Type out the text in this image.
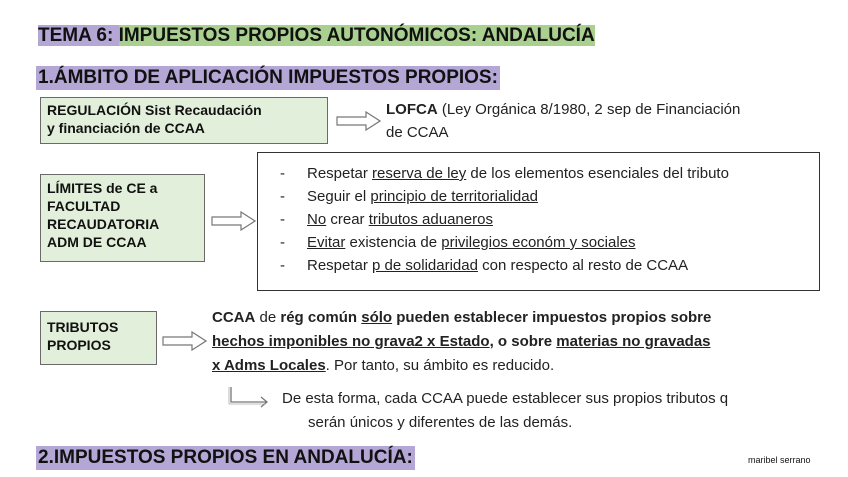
TEMA 6: IMPUESTOS PROPIOS AUTONÓMICOS: ANDALUCÍA
1.ÁMBITO DE APLICACIÓN IMPUESTOS PROPIOS:
REGULACIÓN Sist Recaudación
y financiación de CCAA
LOFCA (Ley Orgánica 8/1980, 2 sep de Financiación
de CCAA
LÍMITES de CE a
FACULTAD
RECAUDATORIA
ADM DE CCAA
- Respetar reserva de ley de los elementos esenciales del tributo
- Seguir el principio de territorialidad
- No crear tributos aduaneros
- Evitar existencia de privilegios económ y sociales
- Respetar p de solidaridad con respecto al resto de CCAA
TRIBUTOS
PROPIOS
CCAA de rég común sólo pueden establecer impuestos propios sobre
hechos imponibles no grava2 x Estado, o sobre materias no gravadas
x Adms Locales. Por tanto, su ámbito es reducido.
De esta forma, cada CCAA puede establecer sus propios tributos q
serán únicos y diferentes de las demás.
2.IMPUESTOS PROPIOS EN ANDALUCÍA:	maribel serrano
